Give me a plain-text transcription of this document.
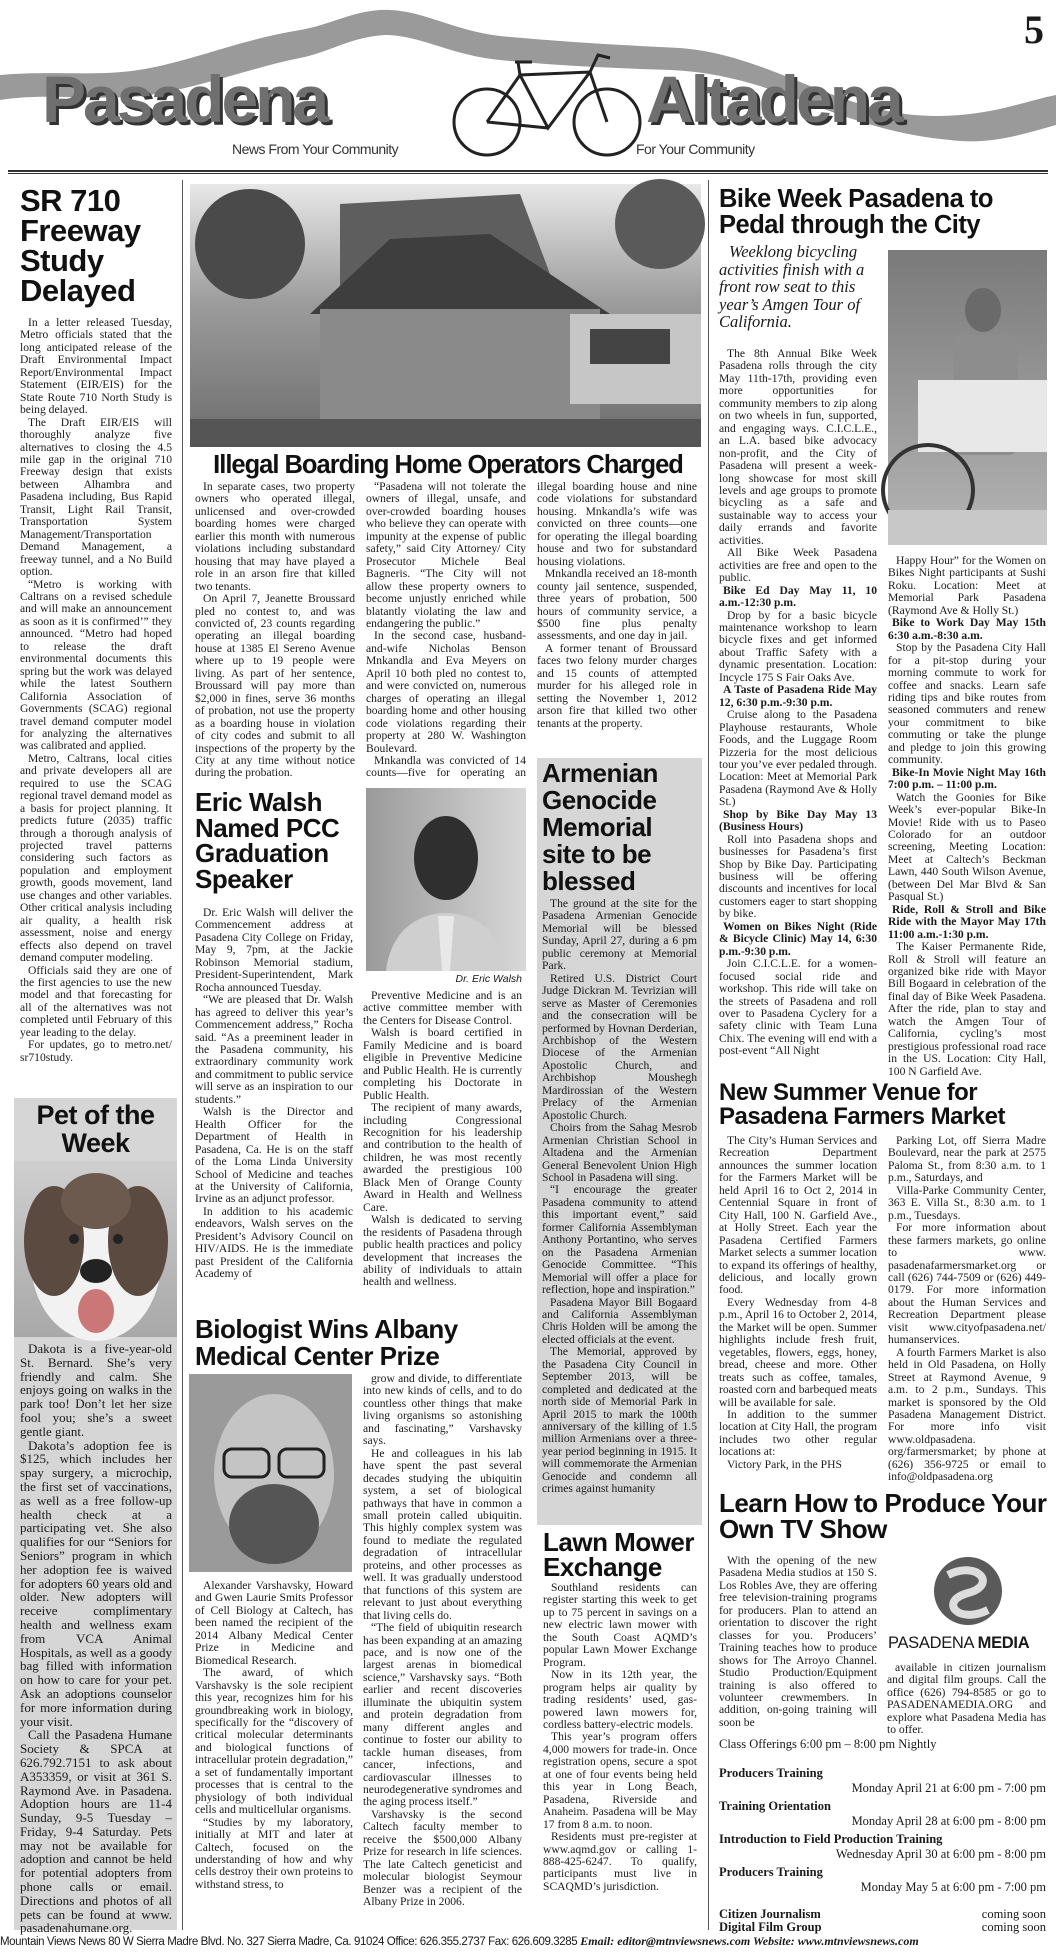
Pasadena	Altadena
News From Your Community	For Your Community
5
SR 710 Freeway Study Delayed

In a letter released Tuesday, Metro officials stated that the long anticipated release of the Draft Environmental Impact Report/Environmental Impact Statement (EIR/EIS) for the State Route 710 North Study is being delayed.

The Draft EIR/EIS will thoroughly analyze five alternatives to closing the 4.5 mile gap in the original 710 Freeway design that exists between Alhambra and Pasadena including, Bus Rapid Transit, Light Rail Transit, Transportation System Management/Transportation Demand Management, a freeway tunnel, and a No Build option.

“Metro is working with Caltrans on a revised schedule and will make an announcement as soon as it is confirmed’” they announced. “Metro had hoped to release the draft environmental documents this spring but the work was delayed while the latest Southern California Association of Governments (SCAG) regional travel demand computer model for analyzing the alternatives was calibrated and applied.

Metro, Caltrans, local cities and private developers all are required to use the SCAG regional travel demand model as a basis for project planning. It predicts future (2035) traffic through a thorough analysis of projected travel patterns considering such factors as population and employment growth, goods movement, land use changes and other variables. Other critical analysis including air quality, a health risk assessment, noise and energy effects also depend on travel demand computer modeling.

Officials said they are one of the first agencies to use the new model and that forecasting for all of the alternatives was not completed until February of this year leading to the delay.

For updates, go to metro.net/ sr710study.

Pet of the Week

Dakota is a five-year-old St. Bernard. She’s very friendly and calm. She enjoys going on walks in the park too! Don’t let her size fool you; she’s a sweet gentle giant.

Dakota’s adoption fee is $125, which includes her spay surgery, a microchip, the first set of vaccinations, as well as a free follow-up health check at a participating vet. She also qualifies for our “Seniors for Seniors” program in which her adoption fee is waived for adopters 60 years old and older. New adopters will receive complimentary health and wellness exam from VCA Animal Hospitals, as well as a goody bag filled with information on how to care for your pet. Ask an adoptions counselor for more information during your visit.

Call the Pasadena Humane Society & SPCA at 626.792.7151 to ask about A353359, or visit at 361 S. Raymond Ave. in Pasadena. Adoption hours are 11-4 Sunday, 9-5 Tuesday – Friday, 9-4 Saturday. Pets may not be available for adoption and cannot be held for potential adopters from phone calls or email. Directions and photos of all pets can be found at www. pasadenahumane.org.

Illegal Boarding Home Operators Charged

In separate cases, two property owners who operated illegal, unlicensed and over-crowded boarding homes were charged earlier this month with numerous violations including substandard housing that may have played a role in an arson fire that killed two tenants.

On April 7, Jeanette Broussard pled no contest to, and was convicted of, 23 counts regarding operating an illegal boarding house at 1385 El Sereno Avenue where up to 19 people were living. As part of her sentence, Broussard will pay more than $2,000 in fines, serve 36 months of probation, not use the property as a boarding house in violation of city codes and submit to all inspections of the property by the City at any time without notice during the probation.

“Pasadena will not tolerate the owners of illegal, unsafe, and over-crowded boarding houses who believe they can operate with impunity at the expense of public safety,” said City Attorney/ City Prosecutor Michele Beal Bagneris. “The City will not allow these property owners to become unjustly enriched while blatantly violating the law and endangering the public.”

In the second case, husband-and-wife Nicholas Benson Mnkandla and Eva Meyers on April 10 both pled no contest to, and were convicted on, numerous charges of operating an illegal boarding home and other housing code violations regarding their property at 280 W. Washington Boulevard.

Mnkandla was convicted of 14 counts—five for operating an illegal boarding house and nine code violations for substandard housing. Mnkandla’s wife was convicted on three counts—one for operating the illegal boarding house and two for substandard housing violations.

Mnkandla received an 18-month county jail sentence, suspended, three years of probation, 500 hours of community service, a $500 fine plus penalty assessments, and one day in jail.

A former tenant of Broussard faces two felony murder charges and 15 counts of attempted murder for his alleged role in setting the November 1, 2012 arson fire that killed two other tenants at the property.

Eric Walsh Named PCC Graduation Speaker

Dr. Eric Walsh will deliver the Commencement address at Pasadena City College on Friday, May 9, 7pm, at the Jackie Robinson Memorial stadium, President-Superintendent, Mark Rocha announced Tuesday.

“We are pleased that Dr. Walsh has agreed to deliver this year’s Commencement address,” Rocha said. “As a preeminent leader in the Pasadena community, his extraordinary community work and commitment to public service will serve as an inspiration to our students.”

Walsh is the Director and Health Officer for the Department of Health in Pasadena, Ca. He is on the staff of the Loma Linda University School of Medicine and teaches at the University of California, Irvine as an adjunct professor.

In addition to his academic endeavors, Walsh serves on the President’s Advisory Council on HIV/AIDS. He is the immediate past President of the California Academy of

Dr. Eric Walsh

Preventive Medicine and is an active committee member with the Centers for Disease Control.

Walsh is board certified in Family Medicine and is board eligible in Preventive Medicine and Public Health. He is currently completing his Doctorate in Public Health.

The recipient of many awards, including Congressional Recognition for his leadership and contribution to the health of children, he was most recently awarded the prestigious 100 Black Men of Orange County Award in Health and Wellness Care.

Walsh is dedicated to serving the residents of Pasadena through public health practices and policy development that increases the ability of individuals to attain health and wellness.

Armenian Genocide Memorial site to be blessed

The ground at the site for the Pasadena Armenian Genocide Memorial will be blessed Sunday, April 27, during a 6 pm public ceremony at Memorial Park.

Retired U.S. District Court Judge Dickran M. Tevrizian will serve as Master of Ceremonies and the consecration will be performed by Hovnan Derderian, Archbishop of the Western Diocese of the Armenian Apostolic Church, and Archbishop Moushegh Mardirossian of the Western Prelacy of the Armenian Apostolic Church.

Choirs from the Sahag Mesrob Armenian Christian School in Altadena and the Armenian General Benevolent Union High School in Pasadena will sing.

“I encourage the greater Pasadena community to attend this important event,” said former California Assemblyman Anthony Portantino, who serves on the Pasadena Armenian Genocide Committee. “This Memorial will offer a place for reflection, hope and inspiration.”

Pasadena Mayor Bill Bogaard and California Assemblyman Chris Holden will be among the elected officials at the event.

The Memorial, approved by the Pasadena City Council in September 2013, will be completed and dedicated at the north side of Memorial Park in April 2015 to mark the 100th anniversary of the killing of 1.5 million Armenians over a three-year period beginning in 1915. It will commemorate the Armenian Genocide and condemn all crimes against humanity

Biologist Wins Albany Medical Center Prize

Alexander Varshavsky, Howard and Gwen Laurie Smits Professor of Cell Biology at Caltech, has been named the recipient of the 2014 Albany Medical Center Prize in Medicine and Biomedical Research.

The award, of which Varshavsky is the sole recipient this year, recognizes him for his groundbreaking work in biology, specifically for the “discovery of critical molecular determinants and biological functions of intracellular protein degradation,” a set of fundamentally important processes that is central to the physiology of both individual cells and multicellular organisms.

“Studies by my laboratory, initially at MIT and later at Caltech, focused on the understanding of how and why cells destroy their own proteins to withstand stress, to

grow and divide, to differentiate into new kinds of cells, and to do countless other things that make living organisms so astonishing and fascinating,” Varshavsky says.

He and colleagues in his lab have spent the past several decades studying the ubiquitin system, a set of biological pathways that have in common a small protein called ubiquitin. This highly complex system was found to mediate the regulated degradation of intracellular proteins, and other processes as well. It was gradually understood that functions of this system are relevant to just about everything that living cells do.

“The field of ubiquitin research has been expanding at an amazing pace, and is now one of the largest arenas in biomedical science,” Varshavsky says. “Both earlier and recent discoveries illuminate the ubiquitin system and protein degradation from many different angles and continue to foster our ability to tackle human diseases, from cancer, infections, and cardiovascular illnesses to neurodegenerative syndromes and the aging process itself.”

Varshavsky is the second Caltech faculty member to receive the $500,000 Albany Prize for research in life sciences. The late Caltech geneticist and molecular biologist Seymour Benzer was a recipient of the Albany Prize in 2006.

Lawn Mower Exchange

Southland residents can register starting this week to get up to 75 percent in savings on a new electric lawn mower with the South Coast AQMD’s popular Lawn Mower Exchange Program.

Now in its 12th year, the program helps air quality by trading residents’ used, gas-powered lawn mowers for, cordless battery-electric models.

This year’s program offers 4,000 mowers for trade-in. Once registration opens, secure a spot at one of four events being held this year in Long Beach, Pasadena, Riverside and Anaheim. Pasadena will be May 17 from 8 a.m. to noon.

Residents must pre-register at www.aqmd.gov or calling 1-888-425-6247. To qualify, participants must live in SCAQMD’s jurisdiction.

Bike Week Pasadena to Pedal through the City
Weeklong bicycling activities finish with a front row seat to this year’s Amgen Tour of California.

The 8th Annual Bike Week Pasadena rolls through the city May 11th-17th, providing even more opportunities for community members to zip along on two wheels in fun, supported, and engaging ways. C.I.C.L.E., an L.A. based bike advocacy non-profit, and the City of Pasadena will present a week-long showcase for most skill levels and age groups to promote bicycling as a safe and sustainable way to access your daily errands and favorite activities.

All Bike Week Pasadena activities are free and open to the public.

Bike Ed Day May 11, 10 a.m.-12:30 p.m.

Drop by for a basic bicycle maintenance workshop to learn bicycle fixes and get informed about Traffic Safety with a dynamic presentation. Location: Incycle 175 S Fair Oaks Ave.

A Taste of Pasadena Ride May 12, 6:30 p.m.-9:30 p.m.

Cruise along to the Pasadena Playhouse restaurants, Whole Foods, and the Luggage Room Pizzeria for the most delicious tour you’ve ever pedaled through. Location: Meet at Memorial Park Pasadena (Raymond Ave & Holly St.)

Shop by Bike Day May 13 (Business Hours)

Roll into Pasadena shops and businesses for Pasadena’s first Shop by Bike Day. Participating business will be offering discounts and incentives for local customers eager to start shopping by bike.

Women on Bikes Night (Ride & Bicycle Clinic) May 14, 6:30 p.m.-9:30 p.m.

Join C.I.C.L.E. for a women-focused social ride and workshop. This ride will take on the streets of Pasadena and roll over to Pasadena Cyclery for a safety clinic with Team Luna Chix. The evening will end with a post-event “All Night

Happy Hour” for the Women on Bikes Night participants at Sushi Roku. Location: Meet at Memorial Park Pasadena (Raymond Ave & Holly St.)

Bike to Work Day May 15th 6:30 a.m.-8:30 a.m.

Stop by the Pasadena City Hall for a pit-stop during your morning commute to work for coffee and snacks. Learn safe riding tips and bike routes from seasoned commuters and renew your commitment to bike commuting or take the plunge and pledge to join this growing community.

Bike-In Movie Night May 16th 7:00 p.m. – 11:00 p.m.

Watch the Goonies for Bike Week’s ever-popular Bike-In Movie! Ride with us to Paseo Colorado for an outdoor screening, Meeting Location: Meet at Caltech’s Beckman Lawn, 440 South Wilson Avenue, (between Del Mar Blvd & San Pasqual St.)

Ride, Roll & Stroll and Bike Ride with the Mayor May 17th 11:00 a.m.-1:30 p.m.

The Kaiser Permanente Ride, Roll & Stroll will feature an organized bike ride with Mayor Bill Bogaard in celebration of the final day of Bike Week Pasadena. After the ride, plan to stay and watch the Amgen Tour of California, cycling’s most prestigious professional road race in the US. Location: City Hall, 100 N Garfield Ave.

New Summer Venue for Pasadena Farmers Market

The City’s Human Services and Recreation Department announces the summer location for the Farmers Market will be held April 16 to Oct 2, 2014 in Centennial Square in front of City Hall, 100 N. Garfield Ave., at Holly Street. Each year the Pasadena Certified Farmers Market selects a summer location to expand its offerings of healthy, delicious, and locally grown food.

Every Wednesday from 4-8 p.m., April 16 to October 2, 2014, the Market will be open. Summer highlights include fresh fruit, vegetables, flowers, eggs, honey, bread, cheese and more. Other treats such as coffee, tamales, roasted corn and barbequed meats will be available for sale.

In addition to the summer location at City Hall, the program includes two other regular locations at:

Victory Park, in the PHS

Parking Lot, off Sierra Madre Boulevard, near the park at 2575 Paloma St., from 8:30 a.m. to 1 p.m., Saturdays, and

Villa-Parke Community Center, 363 E. Villa St., 8:30 a.m. to 1 p.m., Tuesdays.

For more information about these farmers markets, go online to www. pasadenafarmersmarket.org or call (626) 744-7509 or (626) 449-0179. For more information about the Human Services and Recreation Department please visit www.cityofpasadena.net/ humanservices.

A fourth Farmers Market is also held in Old Pasadena, on Holly Street at Raymond Avenue, 9 a.m. to 2 p.m., Sundays. This market is sponsored by the Old Pasadena Management District. For more info visit www.oldpasadena. org/farmersmarket; by phone at (626) 356-9725 or email to info@oldpasadena.org

Learn How to Produce Your Own TV Show

With the opening of the new Pasadena Media studios at 150 S. Los Robles Ave, they are offering free television-training programs for producers. Plan to attend an orientation to discover the right classes for you. Producers’ Training teaches how to produce shows for The Arroyo Channel. Studio Production/Equipment training is also offered to volunteer crewmembers. In addition, on-going training will soon be

PASADENA MEDIA

available in citizen journalism and digital film groups. Call the office (626) 794-8585 or go to PASADENAMEDIA.ORG and explore what Pasadena Media has to offer.

Class Offerings 6:00 pm – 8:00 pm Nightly
Producers Training
Monday April 21 at 6:00 pm - 7:00 pm
Training Orientation
Monday April 28 at 6:00 pm - 8:00 pm
Introduction to Field Production Training
Wednesday April 30 at 6:00 pm - 8:00 pm
Producers Training
Monday May 5 at 6:00 pm - 7:00 pm
Citizen Journalism	coming soon
Digital Film Group	coming soon
Mountain Views News 80 W Sierra Madre Blvd. No. 327 Sierra Madre, Ca. 91024 Office: 626.355.2737 Fax: 626.609.3285 Email: editor@mtnviewsnews.com Website: www.mtnviewsnews.com
